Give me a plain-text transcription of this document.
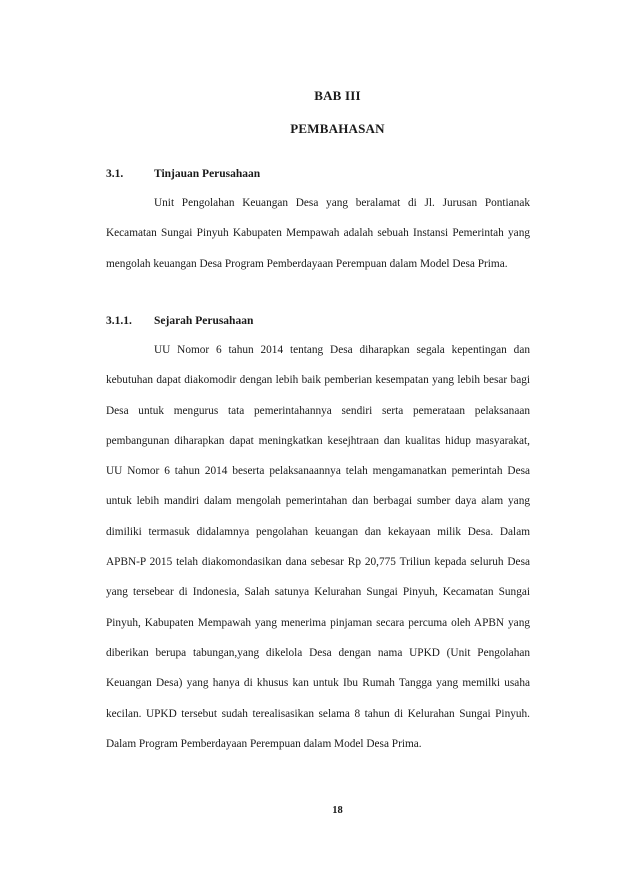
BAB III
PEMBAHASAN
3.1.	Tinjauan Perusahaan

Unit Pengolahan Keuangan Desa yang beralamat di Jl. Jurusan Pontianak Kecamatan Sungai Pinyuh Kabupaten Mempawah adalah sebuah Instansi Pemerintah yang mengolah keuangan Desa Program Pemberdayaan Perempuan dalam Model Desa Prima.

3.1.1. Sejarah Perusahaan

UU Nomor 6 tahun 2014 tentang Desa diharapkan segala kepentingan dan kebutuhan dapat diakomodir dengan lebih baik pemberian kesempatan yang lebih besar bagi Desa untuk mengurus tata pemerintahannya sendiri serta pemerataan pelaksanaan pembangunan diharapkan dapat meningkatkan kesejhtraan dan kualitas hidup masyarakat, UU Nomor 6 tahun 2014 beserta pelaksanaannya telah mengamanatkan pemerintah Desa untuk lebih mandiri dalam mengolah pemerintahan dan berbagai sumber daya alam yang dimiliki termasuk didalamnya pengolahan keuangan dan kekayaan milik Desa. Dalam APBN-P 2015 telah diakomondasikan dana sebesar Rp 20,775 Triliun kepada seluruh Desa yang tersebear di Indonesia, Salah satunya Kelurahan Sungai Pinyuh, Kecamatan Sungai Pinyuh, Kabupaten Mempawah yang menerima pinjaman secara percuma oleh APBN yang diberikan berupa tabungan,yang dikelola Desa dengan nama UPKD (Unit Pengolahan Keuangan Desa) yang hanya di khusus kan untuk Ibu Rumah Tangga yang memilki usaha kecilan. UPKD tersebut sudah terealisasikan selama 8 tahun di Kelurahan Sungai Pinyuh. Dalam Program Pemberdayaan Perempuan dalam Model Desa Prima.

18
